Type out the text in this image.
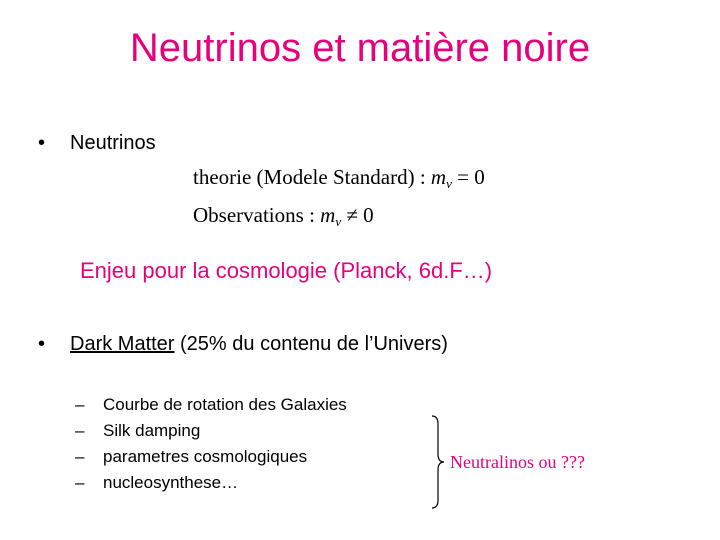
Neutrinos et matière noire
• Neutrinos
theorie (Modele Standard) : $m_\nu = 0$
Observations : $m_\nu \ne 0$
Enjeu pour la cosmologie (Planck, 6d.F…)
• Dark Matter (25% du contenu de l’Univers)
– Courbe de rotation des Galaxies
– Silk damping
– parametres cosmologiques
– nucleosynthese…
Neutralinos ou ???
